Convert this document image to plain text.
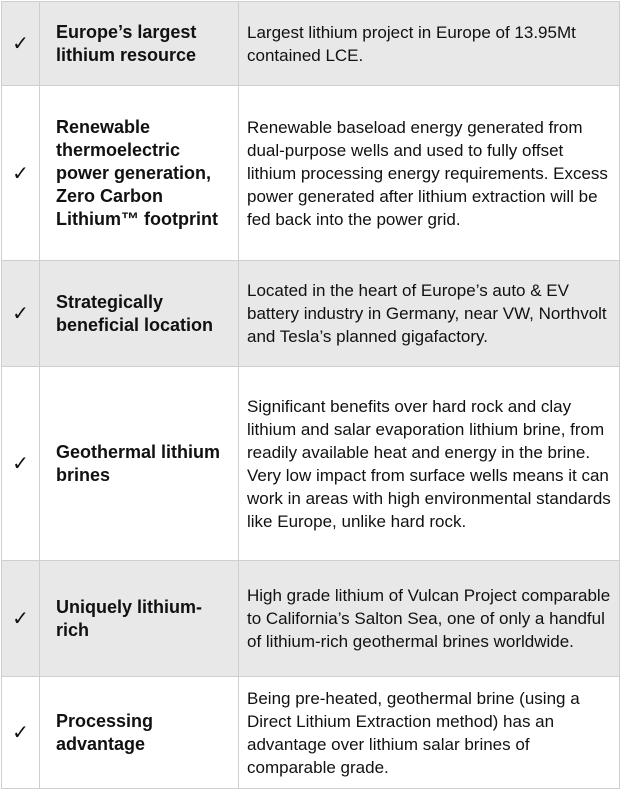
✓	Europe’s largest lithium resource	Largest lithium project in Europe of 13.95Mt contained LCE.
✓	Renewable thermoelectric power generation, Zero Carbon Lithium™ footprint	Renewable baseload energy generated from dual-purpose wells and used to fully offset lithium processing energy requirements. Excess power generated after lithium extraction will be fed back into the power grid.
✓	Strategically beneficial location	Located in the heart of Europe’s auto & EV battery industry in Germany, near VW, Northvolt and Tesla’s planned gigafactory.
✓	Geothermal lithium brines	Significant benefits over hard rock and clay lithium and salar evaporation lithium brine, from readily available heat and energy in the brine. Very low impact from surface wells means it can work in areas with high environmental standards like Europe, unlike hard rock.
✓	Uniquely lithium-rich	High grade lithium of Vulcan Project comparable to California’s Salton Sea, one of only a handful of lithium-rich geothermal brines worldwide.
✓	Processing advantage	Being pre-heated, geothermal brine (using a Direct Lithium Extraction method) has an advantage over lithium salar brines of comparable grade.
